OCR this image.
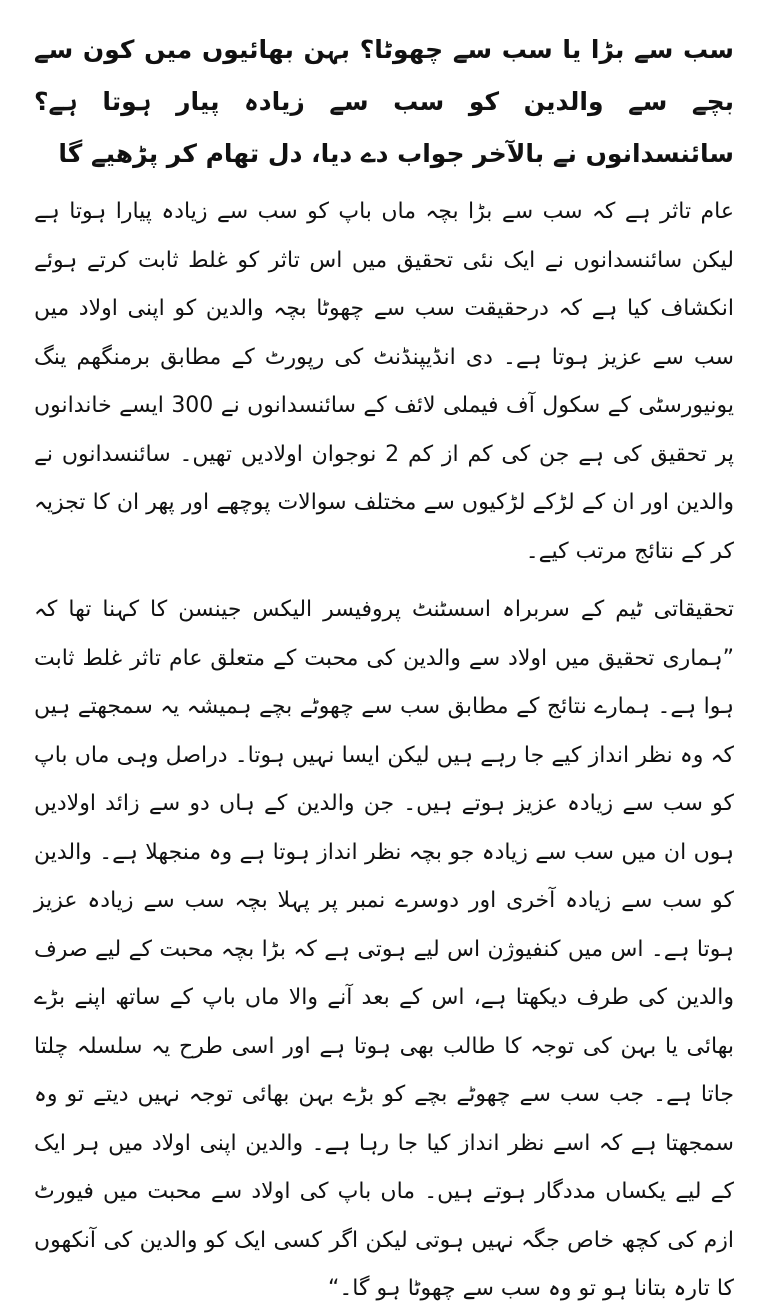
سب سے بڑا یا سب سے چھوٹا؟ بہن بھائیوں میں کون سے بچے سے والدین کو سب سے زیادہ پیار ہوتا ہے؟ سائنسدانوں نے بالآخر جواب دے دیا، دل تھام کر پڑھیے گا

عام تاثر ہے کہ سب سے بڑا بچہ ماں باپ کو سب سے زیادہ پیارا ہوتا ہے لیکن سائنسدانوں نے ایک نئی تحقیق میں اس تاثر کو غلط ثابت کرتے ہوئے انکشاف کیا ہے کہ درحقیقت سب سے چھوٹا بچہ والدین کو اپنی اولاد میں سب سے عزیز ہوتا ہے۔ دی انڈیپنڈنٹ کی رپورٹ کے مطابق برمنگھم ینگ یونیورسٹی کے سکول آف فیملی لائف کے سائنسدانوں نے 300 ایسے خاندانوں پر تحقیق کی ہے جن کی کم از کم 2 نوجوان اولادیں تھیں۔ سائنسدانوں نے والدین اور ان کے لڑکے لڑکیوں سے مختلف سوالات پوچھے اور پھر ان کا تجزیہ کر کے نتائج مرتب کیے۔

تحقیقاتی ٹیم کے سربراہ اسسٹنٹ پروفیسر الیکس جینسن کا کہنا تھا کہ ”ہماری تحقیق میں اولاد سے والدین کی محبت کے متعلق عام تاثر غلط ثابت ہوا ہے۔ ہمارے نتائج کے مطابق سب سے چھوٹے بچے ہمیشہ یہ سمجھتے ہیں کہ وہ نظر انداز کیے جا رہے ہیں لیکن ایسا نہیں ہوتا۔ دراصل وہی ماں باپ کو سب سے زیادہ عزیز ہوتے ہیں۔ جن والدین کے ہاں دو سے زائد اولادیں ہوں ان میں سب سے زیادہ جو بچہ نظر انداز ہوتا ہے وہ منجھلا ہے۔ والدین کو سب سے زیادہ آخری اور دوسرے نمبر پر پہلا بچہ سب سے زیادہ عزیز ہوتا ہے۔ اس میں کنفیوژن اس لیے ہوتی ہے کہ بڑا بچہ محبت کے لیے صرف والدین کی طرف دیکھتا ہے، اس کے بعد آنے والا ماں باپ کے ساتھ اپنے بڑے بھائی یا بہن کی توجہ کا طالب بھی ہوتا ہے اور اسی طرح یہ سلسلہ چلتا جاتا ہے۔ جب سب سے چھوٹے بچے کو بڑے بہن بھائی توجہ نہیں دیتے تو وہ سمجھتا ہے کہ اسے نظر انداز کیا جا رہا ہے۔ والدین اپنی اولاد میں ہر ایک کے لیے یکساں مددگار ہوتے ہیں۔ ماں باپ کی اولاد سے محبت میں فیورٹ ازم کی کچھ خاص جگہ نہیں ہوتی لیکن اگر کسی ایک کو والدین کی آنکھوں کا تارہ بتانا ہو تو وہ سب سے چھوٹا ہو گا۔“
